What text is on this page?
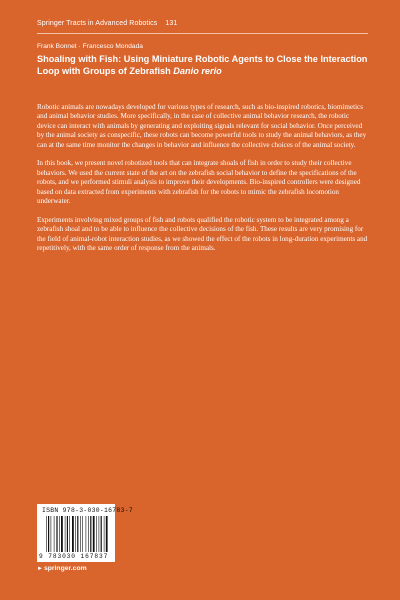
Springer Tracts in Advanced Robotics 131
Frank Bonnet · Francesco Mondada
Shoaling with Fish: Using Miniature Robotic Agents to Close the Interaction Loop with Groups of Zebrafish Danio rerio

Robotic animals are nowadays developed for various types of research, such as bio-inspired robotics, biomimetics and animal behavior studies. More specifically, in the case of collective animal behavior research, the robotic device can interact with animals by generating and exploiting signals relevant for social behavior. Once perceived by the animal society as conspecific, these robots can become powerful tools to study the animal behaviors, as they can at the same time monitor the changes in behavior and influence the collective choices of the animal society.

In this book, we present novel robotized tools that can integrate shoals of fish in order to study their collective behaviors. We used the current state of the art on the zebrafish social behavior to define the specifications of the robots, and we performed stimuli analysis to improve their developments. Bio-inspired controllers were designed based on data extracted from experiments with zebrafish for the robots to mimic the zebrafish locomotion underwater.

Experiments involving mixed groups of fish and robots qualified the robotic system to be integrated among a zebrafish shoal and to be able to influence the collective decisions of the fish. These results are very promising for the field of animal-robot interaction studies, as we showed the effect of the robots in long-duration experiments and repetitively, with the same order of response from the animals.

ISBN 978-3-030-16783-7
9 783030 167837
►springer.com
